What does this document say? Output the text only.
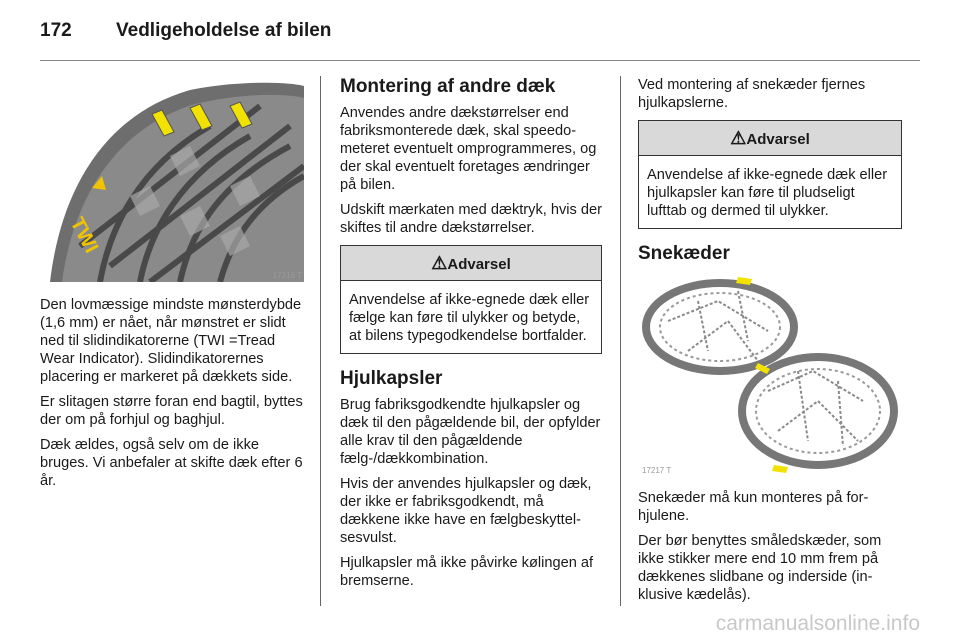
172 Vedligeholdelse af bilen
TWI
17216 T

Den lovmæssige mindste mønsterdybde (1,6 mm) er nået, når mønstret er slidt ned til slidindikatorerne (TWI =Tread Wear Indicator). Slidindikatorernes placering er markeret på dækkets side.

Er slitagen større foran end bagtil, byttes der om på forhjul og baghjul.

Dæk ældes, også selv om de ikke bruges. Vi anbefaler at skifte dæk efter 6 år.

Montering af andre dæk

Anvendes andre dækstørrelser end fabriksmonterede dæk, skal speedometeret eventuelt omprogrammeres, og der skal eventuelt foretages ændringer på bilen.

Udskift mærkaten med dæktryk, hvis der skiftes til andre dækstørrelser.

⚠Advarsel

Anvendelse af ikke-egnede dæk eller fælge kan føre til ulykker og betyde, at bilens typegodkendelse bortfalder.

Hjulkapsler

Brug fabriksgodkendte hjulkapsler og dæk til den pågældende bil, der opfylder alle krav til den pågældende fælg-/dækkombination.

Hvis der anvendes hjulkapsler og dæk, der ikke er fabriksgodkendt, må dækkene ikke have en fælgbeskyttelsesvulst.

Hjulkapsler må ikke påvirke kølingen af bremserne.

Ved montering af snekæder fjernes hjulkapslerne.

⚠Advarsel

Anvendelse af ikke-egnede dæk eller hjulkapsler kan føre til pludseligt lufttab og dermed til ulykker.

Snekæder
17217 T

Snekæder må kun monteres på forhjulene.

Der bør benyttes småledskæder, som ikke stikker mere end 10 mm frem på dækkenes slidbane og inderside (inklusive kædelås).

carmanualsonline.info
